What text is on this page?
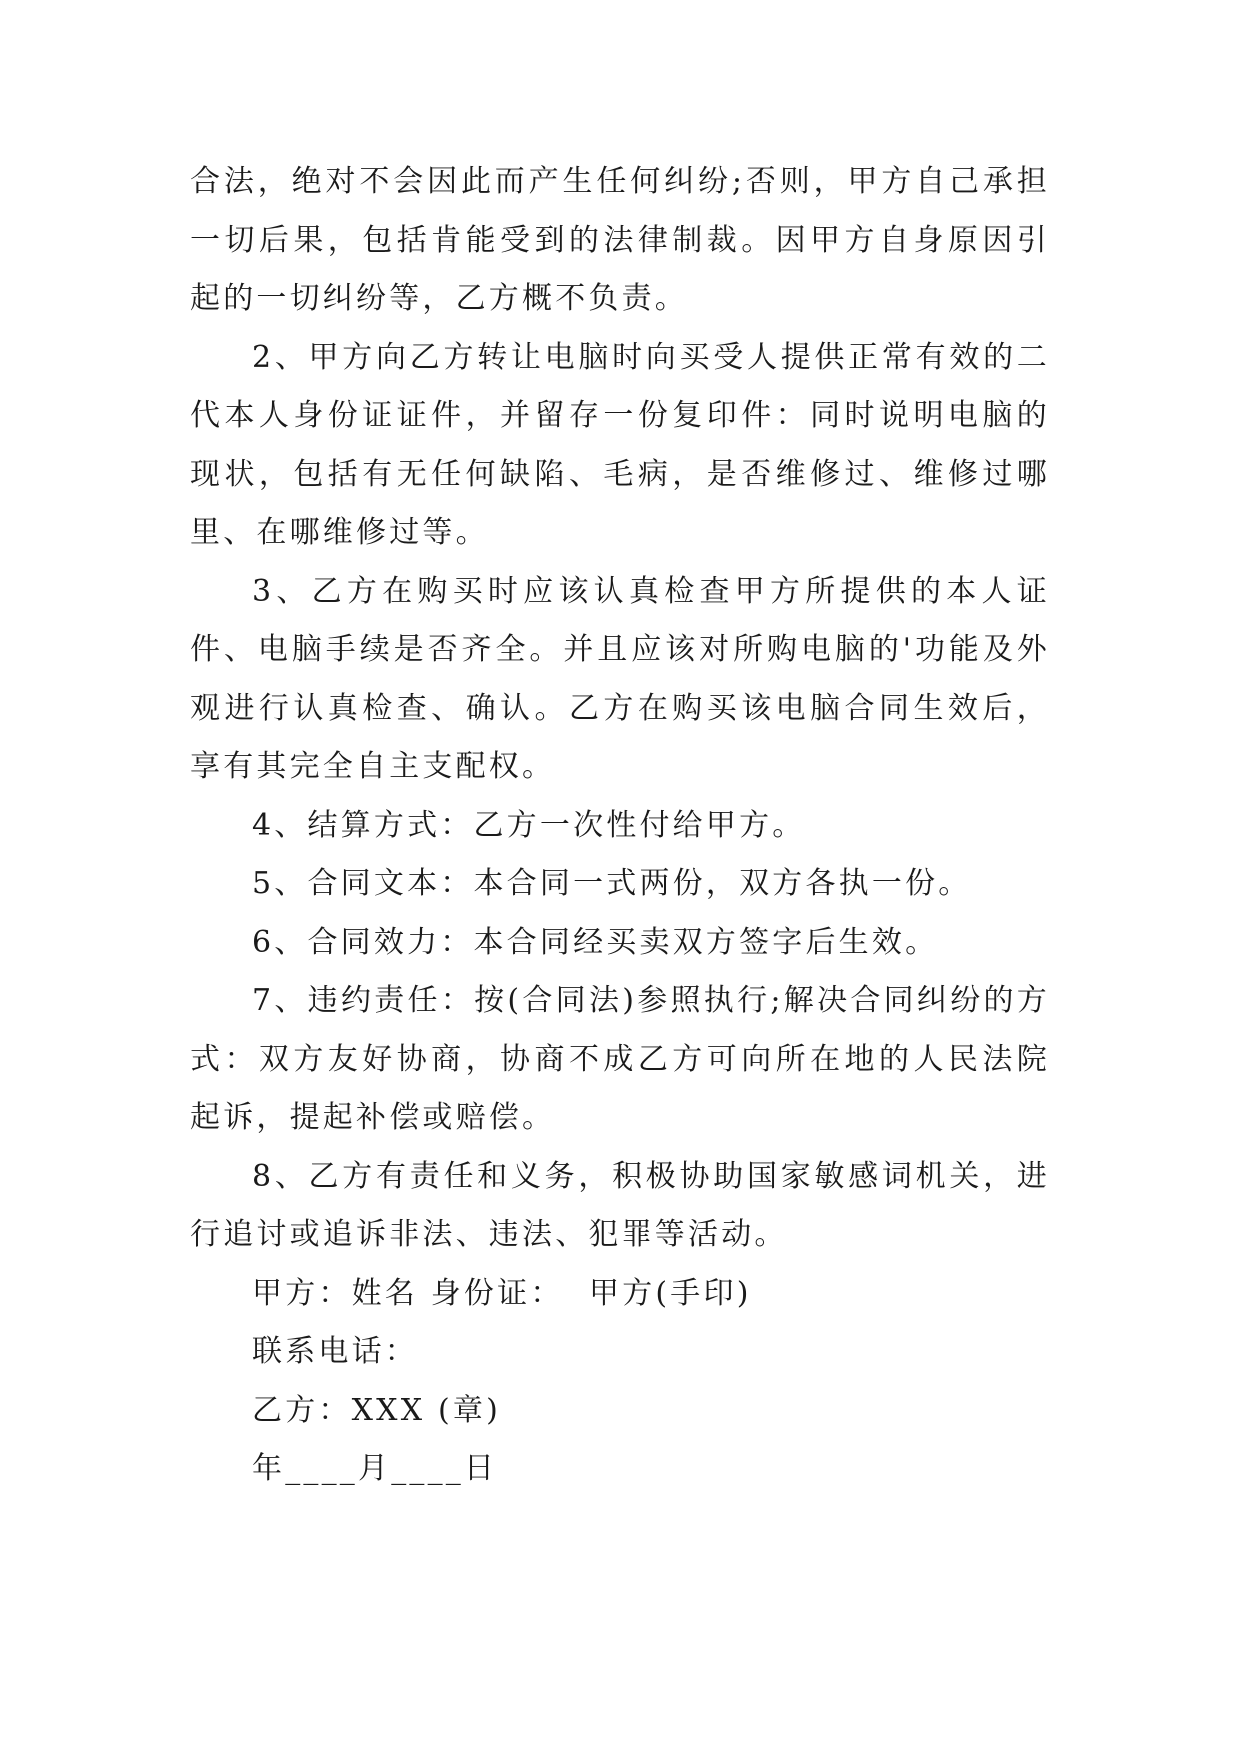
合法，绝对不会因此而产生任何纠纷;否则，甲方自己承担一切后果，包括肯能受到的法律制裁。因甲方自身原因引起的一切纠纷等，乙方概不负责。

2、甲方向乙方转让电脑时向买受人提供正常有效的二代本人身份证证件，并留存一份复印件：同时说明电脑的现状，包括有无任何缺陷、毛病，是否维修过、维修过哪里、在哪维修过等。

3、乙方在购买时应该认真检查甲方所提供的本人证件、电脑手续是否齐全。并且应该对所购电脑的'功能及外观进行认真检查、确认。乙方在购买该电脑合同生效后，享有其完全自主支配权。

4、结算方式：乙方一次性付给甲方。

5、合同文本：本合同一式两份，双方各执一份。

6、合同效力：本合同经买卖双方签字后生效。

7、违约责任：按(合同法)参照执行;解决合同纠纷的方式：双方友好协商，协商不成乙方可向所在地的人民法院起诉，提起补偿或赔偿。

8、乙方有责任和义务，积极协助国家敏感词机关，进行追讨或追诉非法、违法、犯罪等活动。

甲方：姓名 身份证：  甲方(手印)

联系电话：

乙方：XXX (章)

年____月____日
